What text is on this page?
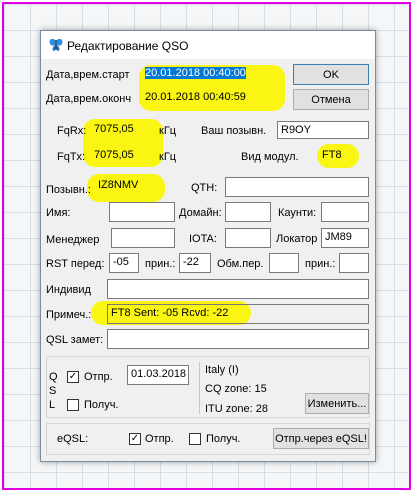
Редактирование QSO
Дата,врем.старт 20.01.2018 00:40:00
Дата,врем.оконч 20.01.2018 00:40:59
OK
Отмена
FqRx: 7075,05	кГц
FqTx: 7075,05	кГц
Ваш позывн.	R9OY
Вид модул. FT8
Позывн.: IZ8NMV	QTH:
Имя:	Домайн:	Каунти:
Менеджер	IOTA:	Локатор JM89
RST перед: -05	прин.: -22	Обм.пер.	прин.:
Индивид
Примеч.:	FT8 Sent: -05 Rcvd: -22
QSL замет:
Q
S
L
✓ Отпр.	01.03.2018
Получ.
Italy (I)
CQ zone: 15
ITU zone: 28	Изменить...
eQSL:	✓ Отпр.	Получ.	Отпр.через eQSL!
